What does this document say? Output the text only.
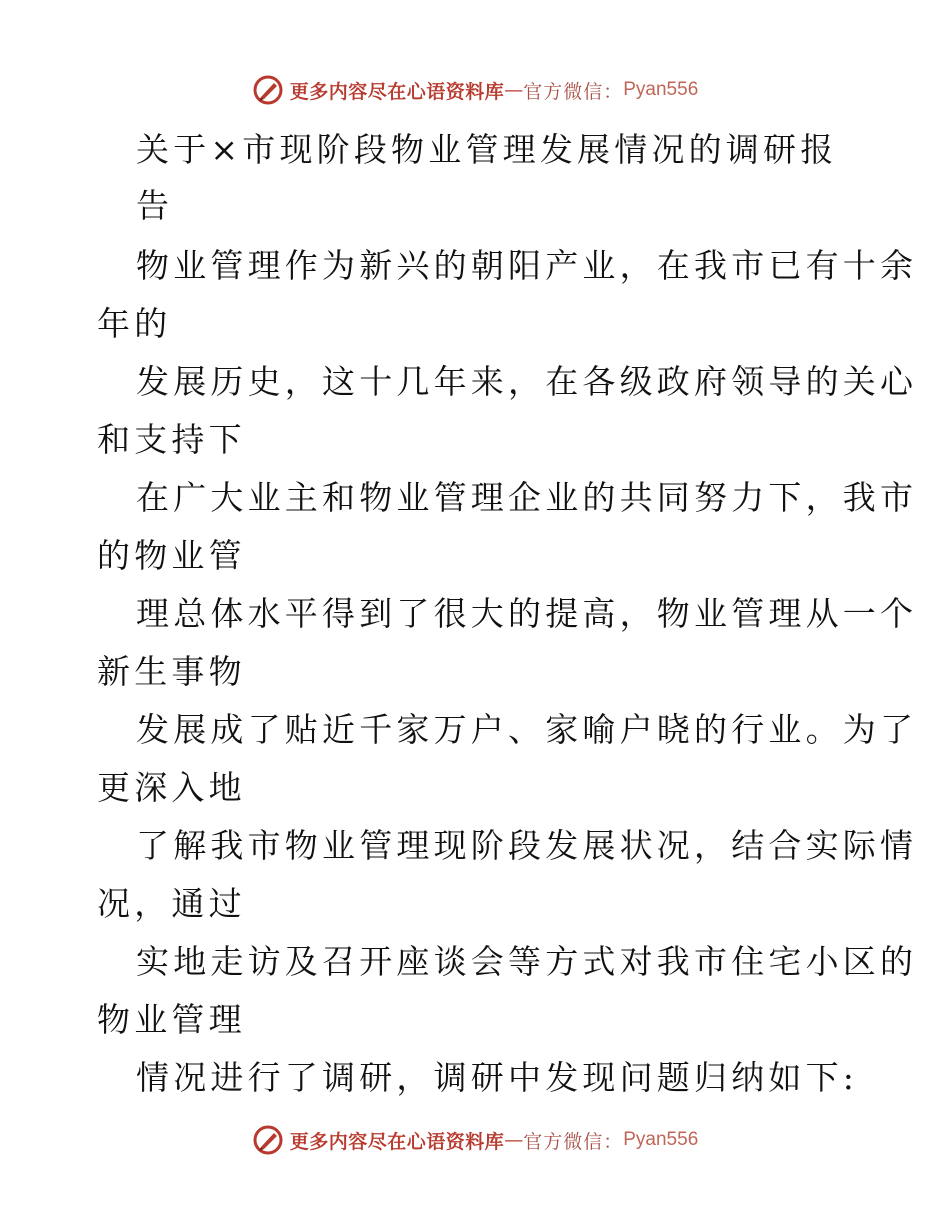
更多内容尽在心语资料库 — 官方微信： Pyan556
关于×市现阶段物业管理发展情况的调研报
告
物业管理作为新兴的朝阳产业，在我市已有十余
年的
发展历史，这十几年来，在各级政府领导的关心
和支持下
在广大业主和物业管理企业的共同努力下，我市
的物业管
理总体水平得到了很大的提高，物业管理从一个
新生事物
发展成了贴近千家万户、家喻户晓的行业。为了
更深入地
了解我市物业管理现阶段发展状况，结合实际情
况，通过
实地走访及召开座谈会等方式对我市住宅小区的
物业管理
情况进行了调研，调研中发现问题归纳如下:
更多内容尽在心语资料库 — 官方微信： Pyan556
